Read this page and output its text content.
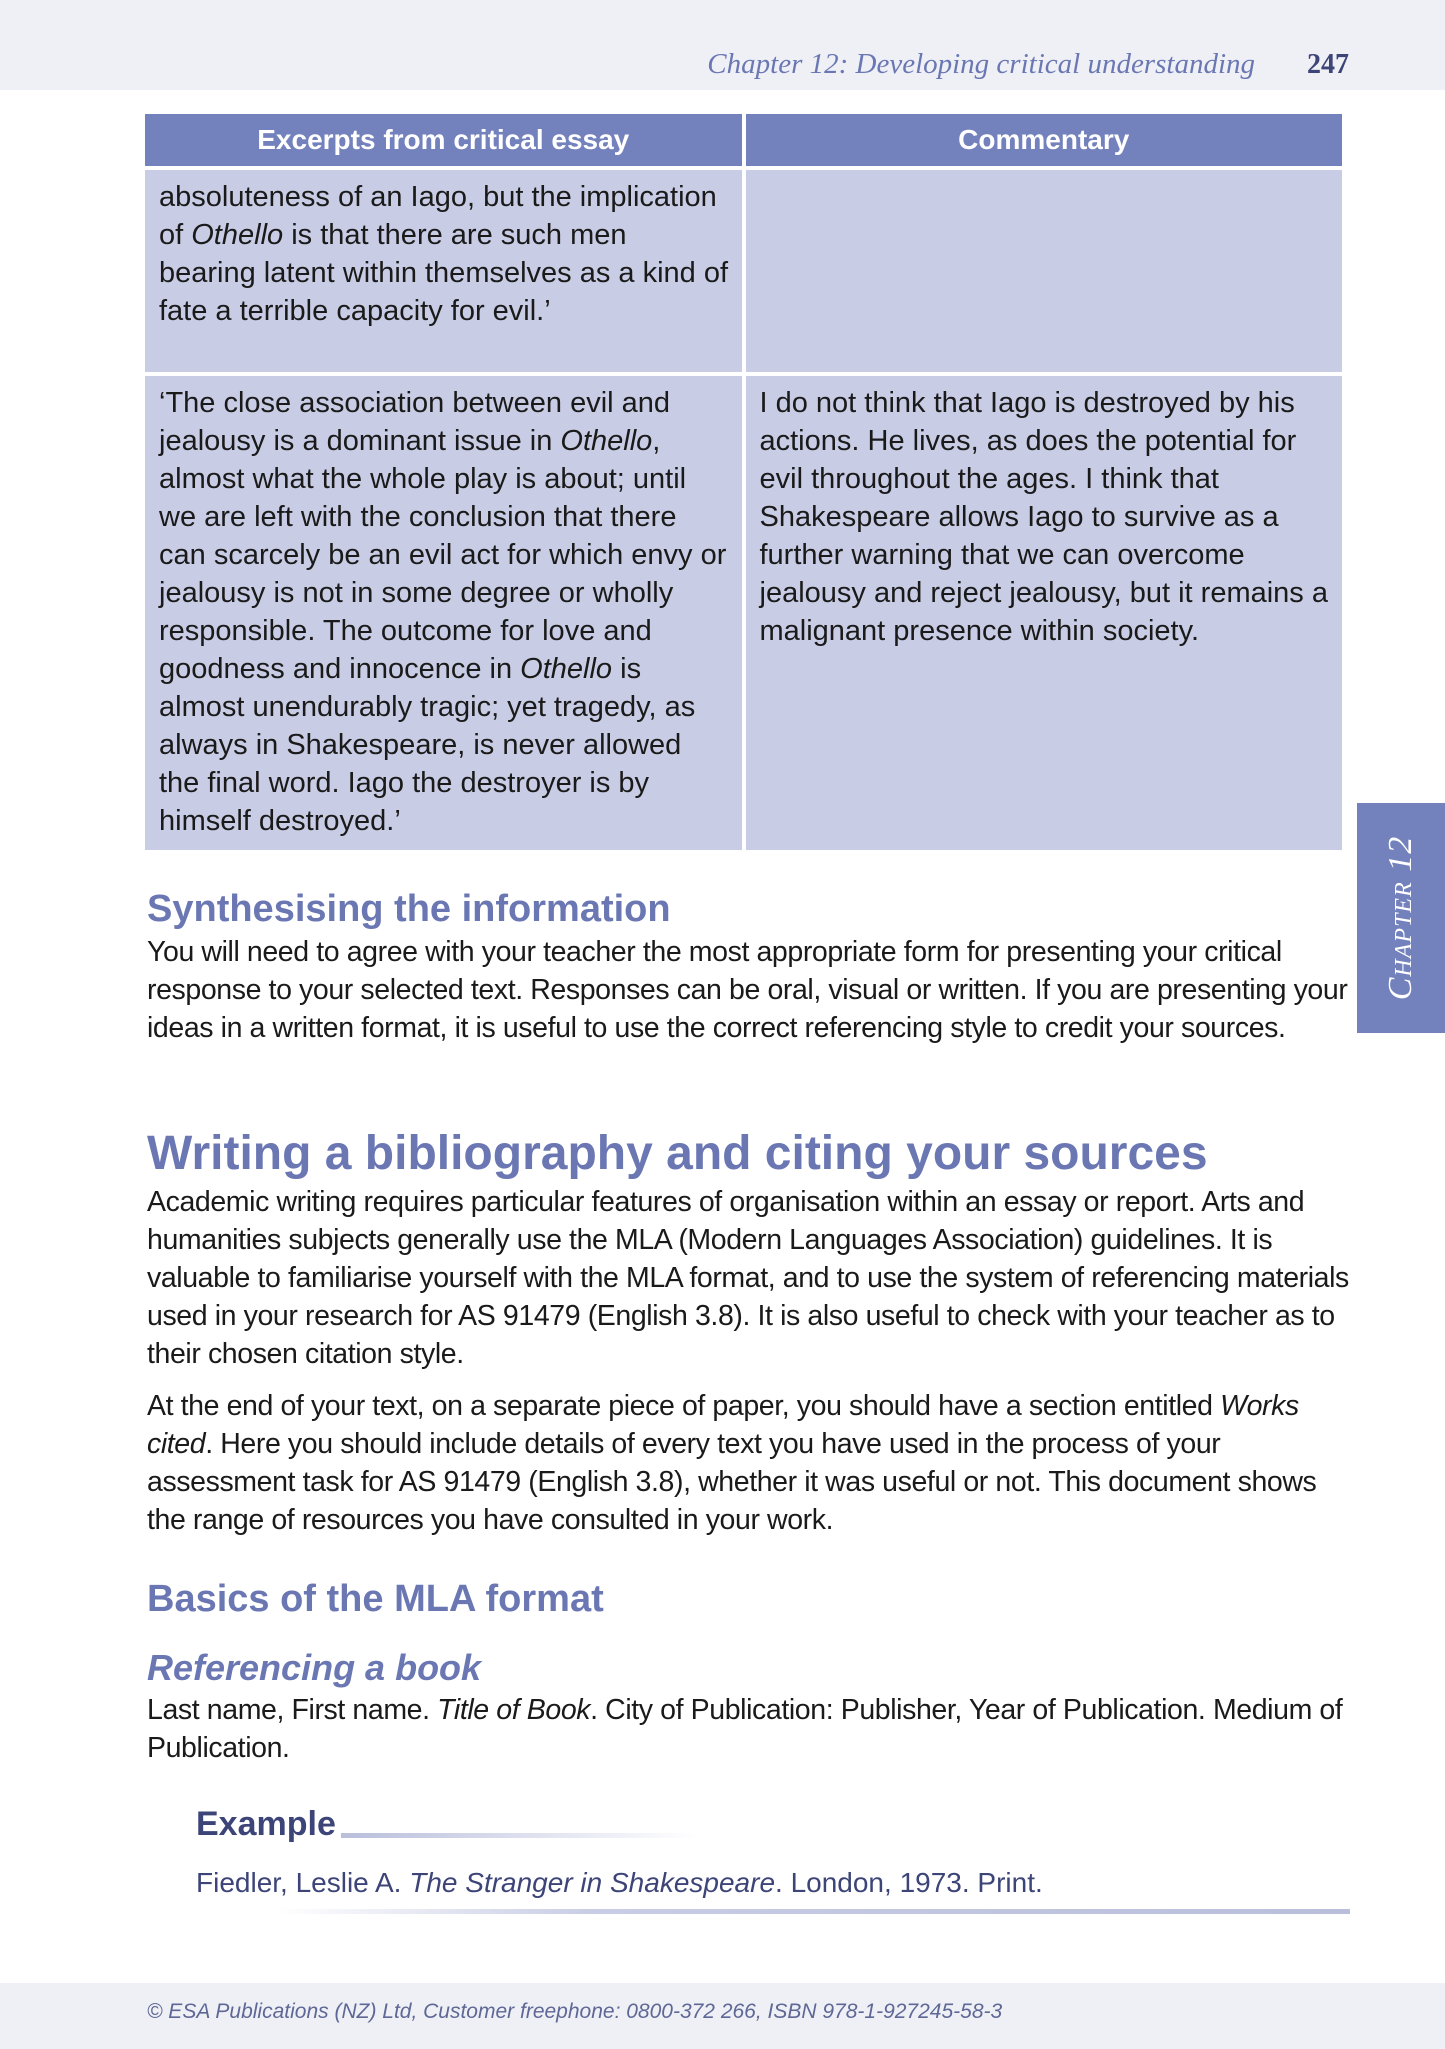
Chapter 12: Developing critical understanding 247
Excerpts from critical essay	Commentary
absoluteness of an Iago, but the implication of Othello is that there are such men bearing latent within themselves as a kind of fate a terrible capacity for evil.’	
‘The close association between evil and jealousy is a dominant issue in Othello, almost what the whole play is about; until we are left with the conclusion that there can scarcely be an evil act for which envy or jealousy is not in some degree or wholly responsible. The outcome for love and goodness and innocence in Othello is almost unendurably tragic; yet tragedy, as always in Shakespeare, is never allowed the final word. Iago the destroyer is by himself destroyed.’	I do not think that Iago is destroyed by his actions. He lives, as does the potential for evil throughout the ages. I think that Shakespeare allows Iago to survive as a further warning that we can overcome jealousy and reject jealousy, but it remains a malignant presence within society.
Chapter 12
Synthesising the information

You will need to agree with your teacher the most appropriate form for presenting your critical response to your selected text. Responses can be oral, visual or written. If you are presenting your ideas in a written format, it is useful to use the correct referencing style to credit your sources.

Writing a bibliography and citing your sources

Academic writing requires particular features of organisation within an essay or report. Arts and humanities subjects generally use the MLA (Modern Languages Association) guidelines. It is valuable to familiarise yourself with the MLA format, and to use the system of referencing materials used in your research for AS 91479 (English 3.8). It is also useful to check with your teacher as to their chosen citation style.

At the end of your text, on a separate piece of paper, you should have a section entitled Works cited. Here you should include details of every text you have used in the process of your assessment task for AS 91479 (English 3.8), whether it was useful or not. This document shows the range of resources you have consulted in your work.

Basics of the MLA format
Referencing a book

Last name, First name. Title of Book. City of Publication: Publisher, Year of Publication. Medium of Publication.

Example
Fiedler, Leslie A. The Stranger in Shakespeare. London, 1973. Print.
© ESA Publications (NZ) Ltd, Customer freephone: 0800-372 266, ISBN 978-1-927245-58-3
